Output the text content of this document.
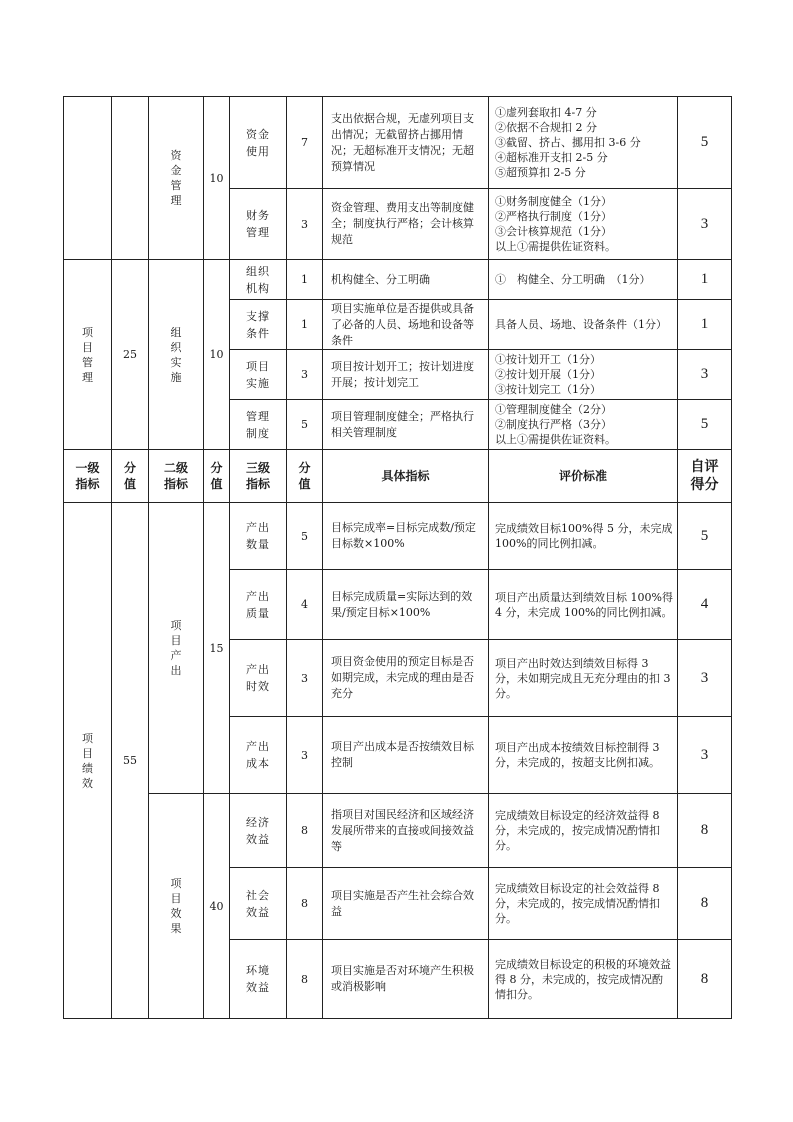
		资金管理	10	资金使用	7	支出依据合规，无虚列项目支出情况；无截留挤占挪用情况；无超标准开支情况；无超预算情况	①虚列套取扣 4-7 分
②依据不合规扣 2 分
③截留、挤占、挪用扣 3-6 分
④超标准开支扣 2-5 分
⑤超预算扣 2-5 分	5

				财务管理	3	资金管理、费用支出等制度健全；制度执行严格；会计核算规范	①财务制度健全（1分）
②严格执行制度（1分）
③会计核算规范（1分）
以上①需提供佐证资料。	3

项目管理	25	组织实施	10	组织机构	1	机构健全、分工明确	①　构健全、分工明确　（1分）	1

				支撑条件	1	项目实施单位是否提供或具备了必备的人员、场地和设备等条件	具备人员、场地、设备条件（1分）	1

				项目实施	3	项目按计划开工；按计划进度开展；按计划完工	①按计划开工（1分）
②按计划开展（1分）
③按计划完工（1分）	3

				管理制度	5	项目管理制度健全；严格执行相关管理制度	①管理制度健全（2分）
②制度执行严格（3分）
以上①需提供佐证资料。	5

一级指标	分值	二级指标	分值	三级指标	分值	具体指标	评价标准	自评得分

项目绩效	55	项目产出	15	产出数量	5	目标完成率=目标完成数/预定目标数×100%	完成绩效目标100%得 5 分，未完成 100%的同比例扣减。	5

				产出质量	4	目标完成质量=实际达到的效果/预定目标×100%	项目产出质量达到绩效目标 100%得 4 分，未完成 100%的同比例扣减。	4

				产出时效	3	项目资金使用的预定目标是否如期完成，未完成的理由是否充分	项目产出时效达到绩效目标得 3 分，未如期完成且无充分理由的扣 3分。	3

				产出成本	3	项目产出成本是否按绩效目标控制	项目产出成本按绩效目标控制得 3 分，未完成的，按超支比例扣减。	3

		项目效果	40	经济效益	8	指项目对国民经济和区域经济发展所带来的直接或间接效益等	完成绩效目标设定的经济效益得 8 分，未完成的，按完成情况酌情扣分。	8

				社会效益	8	项目实施是否产生社会综合效益	完成绩效目标设定的社会效益得 8 分，未完成的，按完成情况酌情扣分。	8

				环境效益	8	项目实施是否对环境产生积极或消极影响	完成绩效目标设定的积极的环境效益得 8 分，未完成的，按完成情况酌情扣分。	8
